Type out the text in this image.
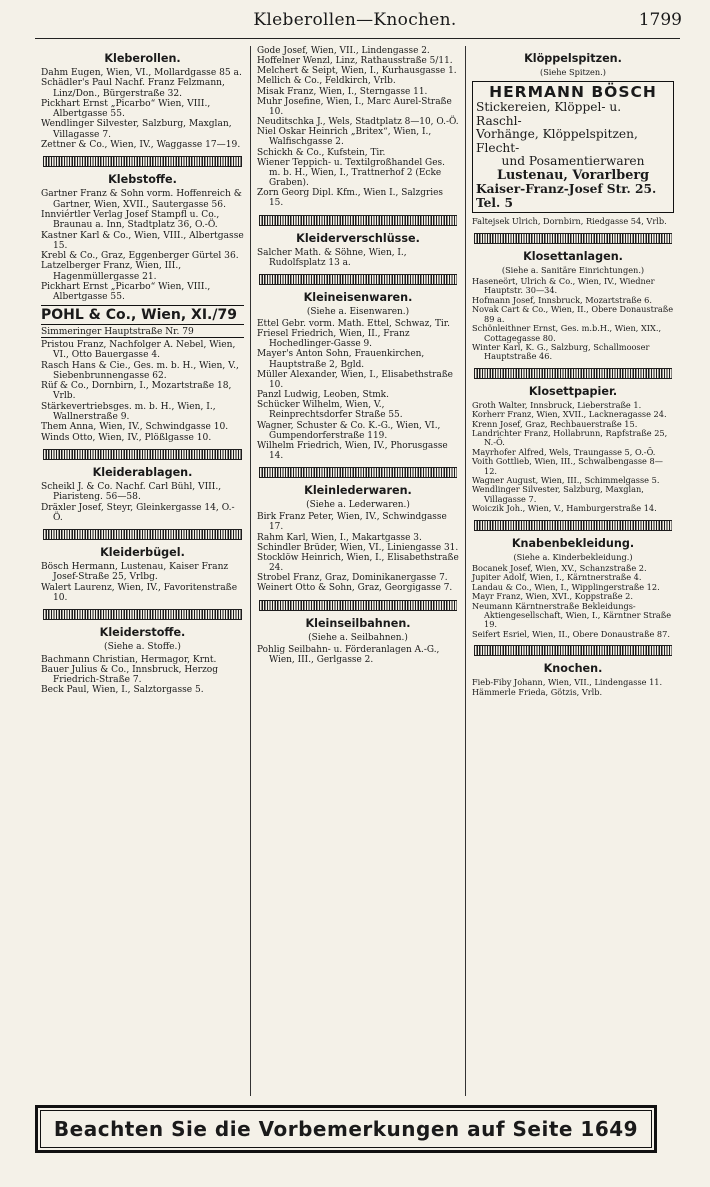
Kleberollen—Knochen.	1799
Kleberollen.
Dahm Eugen, Wien, VI., Mollardgasse 85 a.
Schädler's Paul Nachf. Franz Felzmann, Linz/Don., Bürgerstraße 32.
Pickhart Ernst „Picarbo“ Wien, VIII., Albertgasse 55.
Wendlinger Silvester, Salzburg, Maxglan, Villagasse 7.
Zettner & Co., Wien, IV., Waggasse 17—19.
Klebstoffe.
Gartner Franz & Sohn vorm. Hoffenreich & Gartner, Wien, XVII., Sautergasse 56.
Innviértler Verlag Josef Stampfl u. Co., Braunau a. Inn, Stadtplatz 36, O.-Ö.
Kastner Karl & Co., Wien, VIII., Albertgasse 15.
Krebl & Co., Graz, Eggenberger Gürtel 36.
Latzelberger Franz, Wien, III., Hagenmüllergasse 21.
Pickhart Ernst „Picarbo“ Wien, VIII., Albertgasse 55.
POHL & Co., Wien, XI./79
Simmeringer Hauptstraße Nr. 79
Pristou Franz, Nachfolger A. Nebel, Wien, VI., Otto Bauergasse 4.
Rasch Hans & Cie., Ges. m. b. H., Wien, V., Siebenbrunnengasse 62.
Rüf & Co., Dornbirn, I., Mozartstraße 18, Vrlb.
Stärkevertriebsges. m. b. H., Wien, I., Wallnerstraße 9.
Them Anna, Wien, IV., Schwindgasse 10.
Winds Otto, Wien, IV., Plößlgasse 10.
Kleiderablagen.
Scheikl J. & Co. Nachf. Carl Bühl, VIII., Piaristeng. 56—58.
Dräxler Josef, Steyr, Gleinkergasse 14, O.-Ö.
Kleiderbügel.
Bösch Hermann, Lustenau, Kaiser Franz Josef-Straße 25, Vrlbg.
Walert Laurenz, Wien, IV., Favoritenstraße 10.
Kleiderstoffe.
(Siehe a. Stoffe.)
Bachmann Christian, Hermagor, Krnt.
Bauer Julius & Co., Innsbruck, Herzog Friedrich-Straße 7.
Beck Paul, Wien, I., Salztorgasse 5.
Gode Josef, Wien, VII., Lindengasse 2.
Hoffelner Wenzl, Linz, Rathausstraße 5/11.
Melchert & Seipt, Wien, I., Kurhausgasse 1.
Mellich & Co., Feldkirch, Vrlb.
Misak Franz, Wien, I., Sterngasse 11.
Muhr Josefine, Wien, I., Marc Aurel-Straße 10.
Neuditschka J., Wels, Stadtplatz 8—10, O.-Ö.
Niel Oskar Heinrich „Britex“, Wien, I., Walfischgasse 2.
Schickh & Co., Kufstein, Tir.
Wiener Teppich- u. Textilgroßhandel Ges. m. b. H., Wien, I., Trattnerhof 2 (Ecke Graben).
Zorn Georg Dipl. Kfm., Wien I., Salzgries 15.
Kleiderverschlüsse.
Salcher Math. & Söhne, Wien, I., Rudolfsplatz 13 a.
Kleineisenwaren.
(Siehe a. Eisenwaren.)
Ettel Gebr. vorm. Math. Ettel, Schwaz, Tir.
Friesel Friedrich, Wien, II., Franz Hochedlinger-Gasse 9.
Mayer's Anton Sohn, Frauenkirchen, Hauptstraße 2, Bgld.
Müller Alexander, Wien, I., Elisabethstraße 10.
Panzl Ludwig, Leoben, Stmk.
Schücker Wilhelm, Wien, V., Reinprechtsdorfer Straße 55.
Wagner, Schuster & Co. K.-G., Wien, VI., Gumpendorferstraße 119.
Wilhelm Friedrich, Wien, IV., Phorusgasse 14.
Kleinlederwaren.
(Siehe a. Lederwaren.)
Birk Franz Peter, Wien, IV., Schwindgasse 17.
Rahm Karl, Wien, I., Makartgasse 3.
Schindler Brüder, Wien, VI., Liniengasse 31.
Stocklöw Heinrich, Wien, I., Elisabethstraße 24.
Strobel Franz, Graz, Dominikanergasse 7.
Weinert Otto & Sohn, Graz, Georgigasse 7.
Kleinseilbahnen.
(Siehe a. Seilbahnen.)
Pohlig Seilbahn- u. Förderanlagen A.-G., Wien, III., Gerlgasse 2.
Klöppelspitzen.
(Siehe Spitzen.)
HERMANN BÖSCH
Stickereien, Klöppel- u. Raschl-
Vorhänge, Klöppelspitzen, Flecht-
und Posamentierwaren
Lustenau, Vorarlberg
Kaiser-Franz-Josef Str. 25. Tel. 5
Faltejsek Ulrich, Dornbirn, Riedgasse 54, Vrlb.
Klosettanlagen.
(Siehe a. Sanitäre Einrichtungen.)
Haseneört, Ulrich & Co., Wien, IV., Wiedner Hauptstr. 30—34.
Hofmann Josef, Innsbruck, Mozartstraße 6.
Novak Cart & Co., Wien, II., Obere Donaustraße 89 a.
Schönleithner Ernst, Ges. m.b.H., Wien, XIX., Cottagegasse 80.
Winter Karl, K. G., Salzburg, Schallmooser Hauptstraße 46.
Klosettpapier.
Groth Walter, Innsbruck, Lieberstraße 1.
Korherr Franz, Wien, XVII., Lackneragasse 24.
Krenn Josef, Graz, Rechbauerstraße 15.
Landrichter Franz, Hollabrunn, Rapfstraße 25, N.-Ö.
Mayrhofer Alfred, Wels, Traungasse 5, O.-Ö.
Voith Gottlieb, Wien, III., Schwalbengasse 8—12.
Wagner August, Wien, III., Schimmelgasse 5.
Wendlinger Silvester, Salzburg, Maxglan, Villagasse 7.
Woiczik Joh., Wien, V., Hamburgerstraße 14.
Knabenbekleidung.
(Siehe a. Kinderbekleidung.)
Bocanek Josef, Wien, XV., Schanzstraße 2.
Jupiter Adolf, Wien, I., Kärntnerstraße 4.
Landau & Co., Wien, I., Wipplingerstraße 12.
Mayr Franz, Wien, XVI., Koppstraße 2.
Neumann Kärntnerstraße Bekleidungs-Aktiengesellschaft, Wien, I., Kärntner Straße 19.
Seifert Esriel, Wien, II., Obere Donaustraße 87.
Knochen.
Fieb-Fiby Johann, Wien, VII., Lindengasse 11.
Hämmerle Frieda, Götzis, Vrlb.
Beachten Sie die Vorbemerkungen auf Seite 1649
